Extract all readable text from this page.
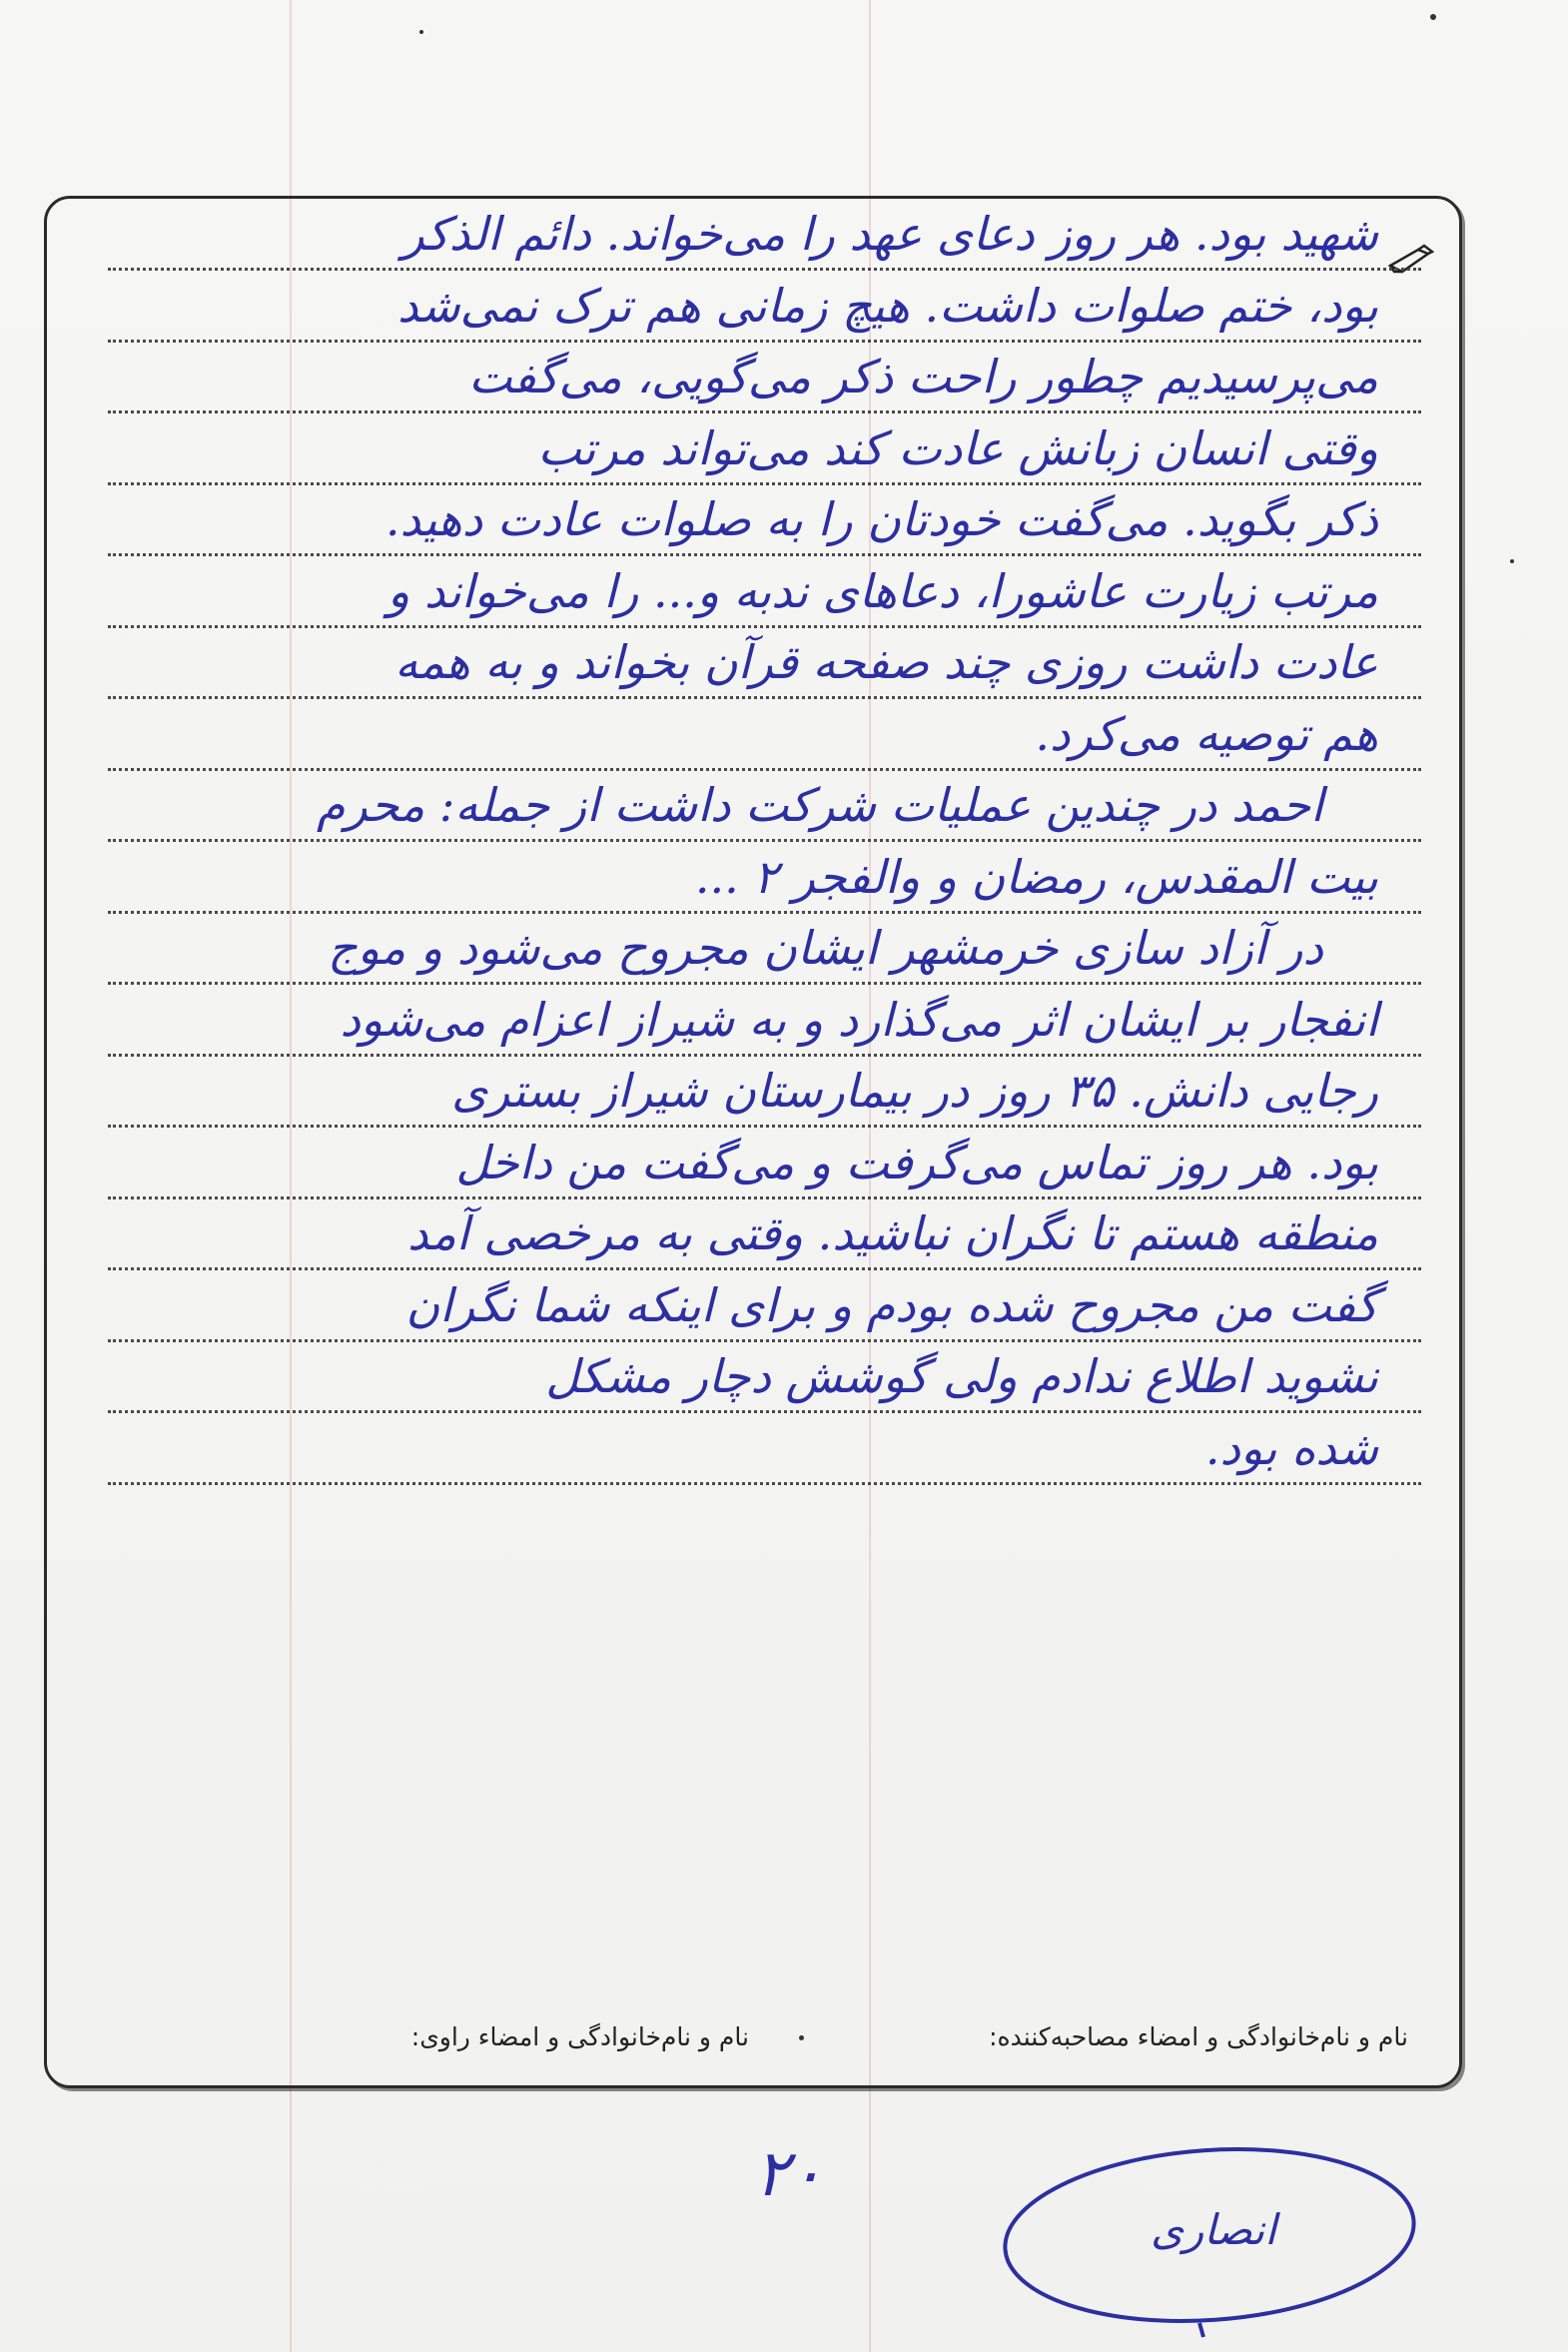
شهید بود. هر روز دعای عهد را می‌خواند. دائم الذکر
بود، ختم صلوات داشت. هیچ زمانی هم ترک نمی‌شد
می‌پرسیدیم چطور راحت ذکر می‌گویی، می‌گفت
وقتی انسان زبانش عادت کند می‌تواند مرتب
ذکر بگوید. می‌گفت خودتان را به صلوات عادت دهید.
مرتب زیارت عاشورا، دعاهای ندبه و... را می‌خواند و
عادت داشت روزی چند صفحه قرآن بخواند و به همه
هم توصیه می‌کرد.
احمد در چندین عملیات شرکت داشت از جمله: محرم
بیت المقدس، رمضان و والفجر ۲ ...
در آزاد سازی خرمشهر ایشان مجروح می‌شود و موج
انفجار بر ایشان اثر می‌گذارد و به شیراز اعزام می‌شود
رجایی دانش. ۳۵ روز در بیمارستان شیراز بستری
بود. هر روز تماس می‌گرفت و می‌گفت من داخل
منطقه هستم تا نگران نباشید. وقتی به مرخصی آمد
گفت من مجروح شده بودم و برای اینکه شما نگران
نشوید اطلاع ندادم ولی گوشش دچار مشکل
شده بود.
نام و نام‌خانوادگی و امضاء مصاحبه‌کننده:
نام و نام‌خانوادگی و امضاء راوی:
۲۰
انصاری
